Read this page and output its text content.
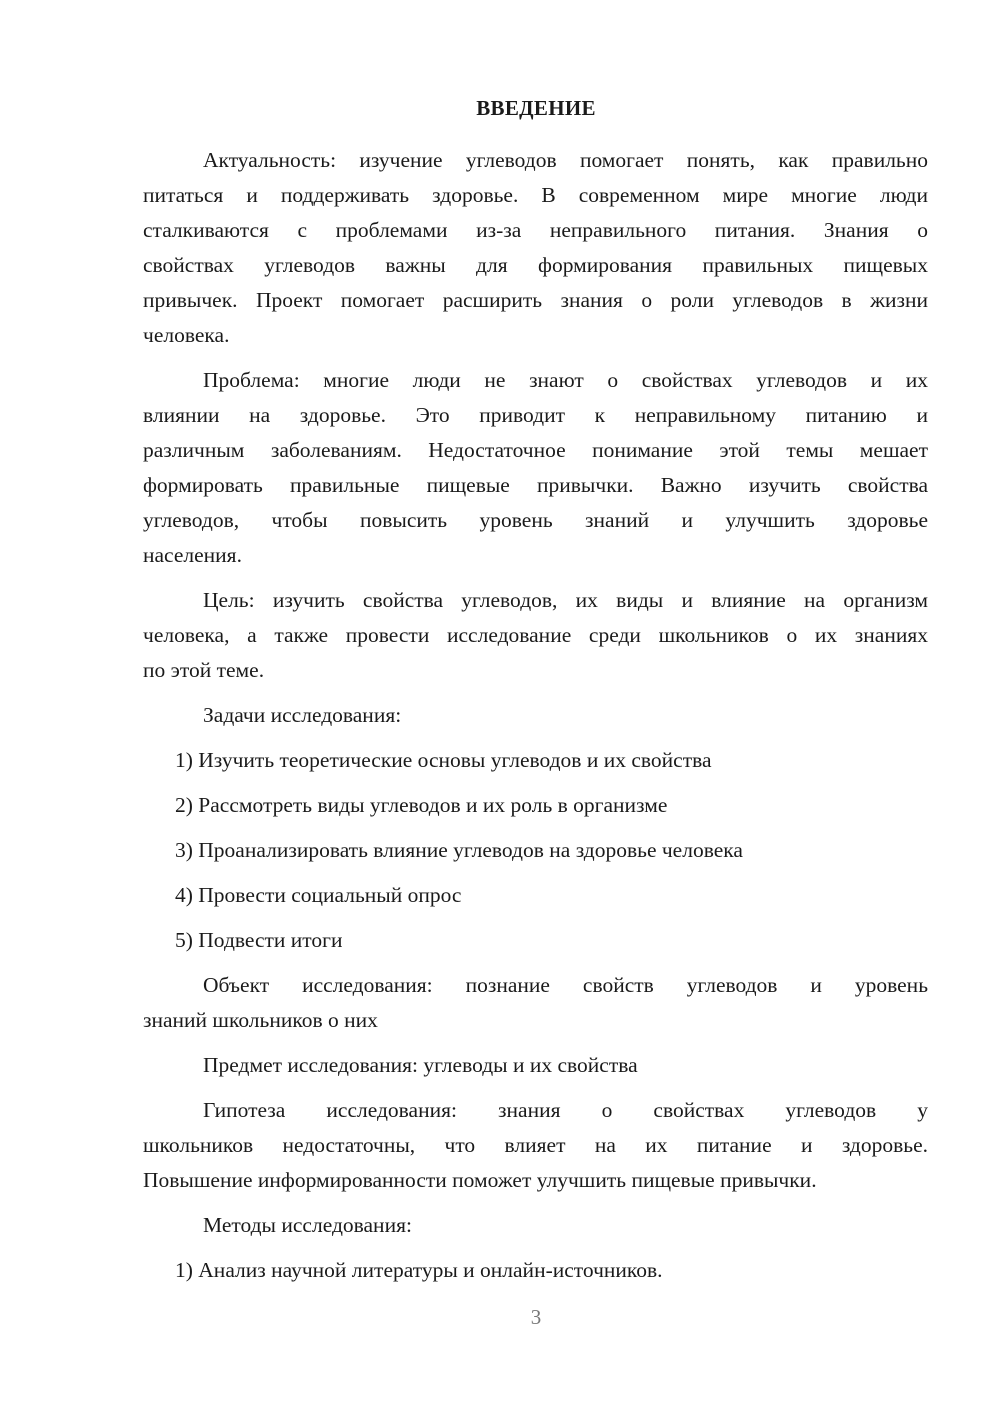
ВВЕДЕНИЕ
Актуальность: изучение углеводов помогает понять, как правильно
питаться и поддерживать здоровье. В современном мире многие люди
сталкиваются с проблемами из-за неправильного питания. Знания о
свойствах углеводов важны для формирования правильных пищевых
привычек. Проект помогает расширить знания о роли углеводов в жизни
человека.
Проблема: многие люди не знают о свойствах углеводов и их
влиянии на здоровье. Это приводит к неправильному питанию и
различным заболеваниям. Недостаточное понимание этой темы мешает
формировать правильные пищевые привычки. Важно изучить свойства
углеводов, чтобы повысить уровень знаний и улучшить здоровье
населения.
Цель: изучить свойства углеводов, их виды и влияние на организм
человека, а также провести исследование среди школьников о их знаниях
по этой теме.
Задачи исследования:
1) Изучить теоретические основы углеводов и их свойства
2) Рассмотреть виды углеводов и их роль в организме
3) Проанализировать влияние углеводов на здоровье человека
4) Провести социальный опрос
5) Подвести итоги
Объект исследования: познание свойств углеводов и уровень
знаний школьников о них
Предмет исследования: углеводы и их свойства
Гипотеза исследования: знания о свойствах углеводов у
школьников недостаточны, что влияет на их питание и здоровье.
Повышение информированности поможет улучшить пищевые привычки.
Методы исследования:
1) Анализ научной литературы и онлайн-источников.
3
